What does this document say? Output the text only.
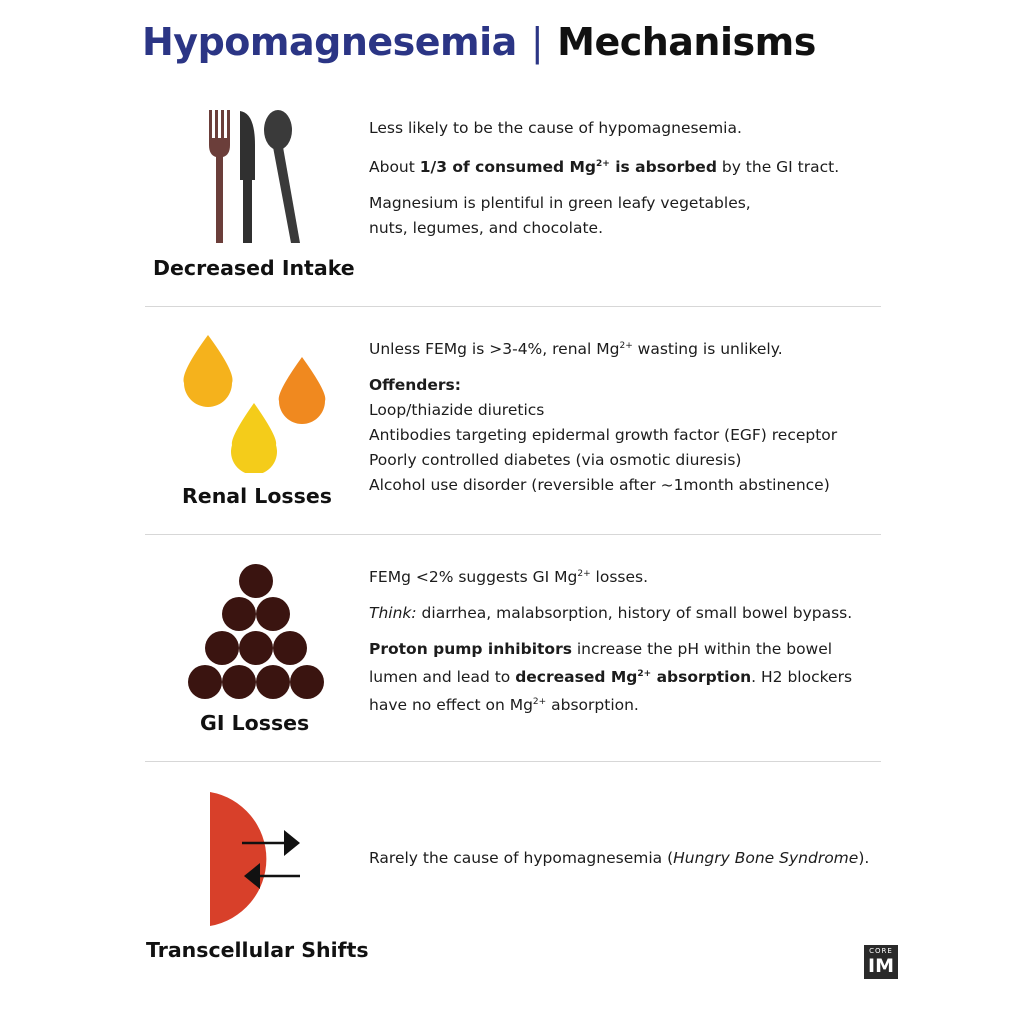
Hypomagnesemia | Mechanisms
Decreased Intake

Less likely to be the cause of hypomagnesemia.

About 1/3 of consumed $Mg^{2+}$ is absorbed by the GI tract.

Magnesium is plentiful in green leafy vegetables,
nuts, legumes, and chocolate.

Renal Losses

Unless FEMg is >3-4%, renal $Mg^{2+}$ wasting is unlikely.

Offenders:
Loop/thiazide diuretics
Antibodies targeting epidermal growth factor (EGF) receptor
Poorly controlled diabetes (via osmotic diuresis)
Alcohol use disorder (reversible after ~1month abstinence)
GI Losses

FEMg <2% suggests GI $Mg^{2+}$ losses.

Think: diarrhea, malabsorption, history of small bowel bypass.

Proton pump inhibitors increase the pH within the bowel
lumen and lead to decreased $Mg^{2+}$ absorption. H2 blockers
have no effect on $Mg^{2+}$ absorption.

Transcellular Shifts

Rarely the cause of hypomagnesemia (Hungry Bone Syndrome).

CORE
IM
